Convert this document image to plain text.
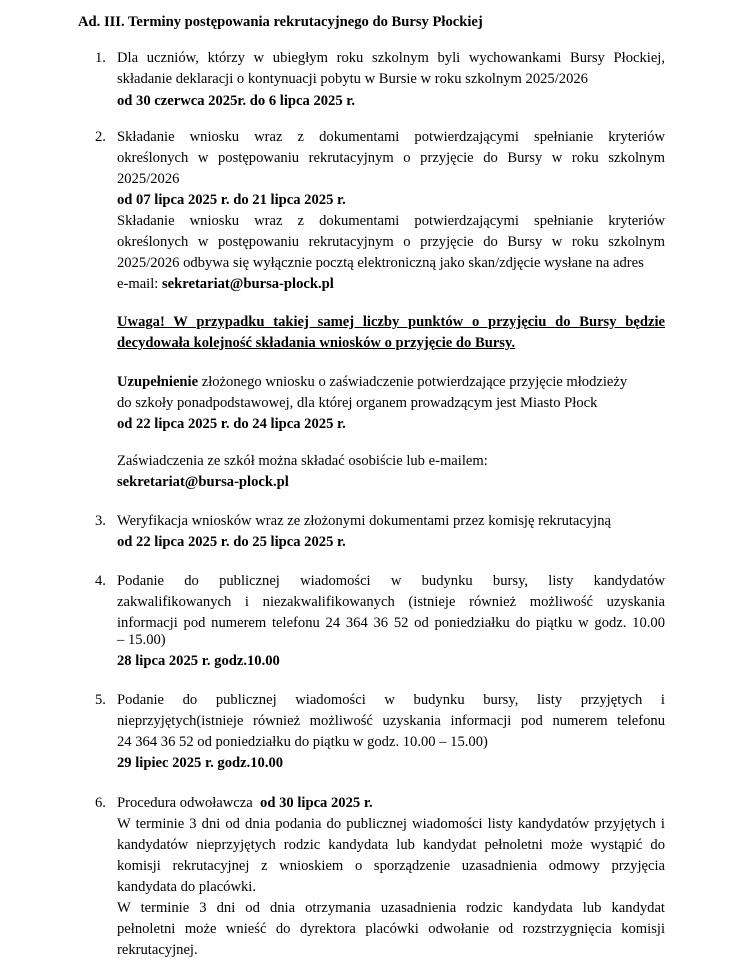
Ad. III. Terminy postępowania rekrutacyjnego do Bursy Płockiej
1. Dla uczniów, którzy w ubiegłym roku szkolnym byli wychowankami Bursy Płockiej,
składanie deklaracji o kontynuacji pobytu w Bursie w roku szkolnym 2025/2026
od 30 czerwca 2025r. do 6 lipca 2025 r.
2. Składanie wniosku wraz z dokumentami potwierdzającymi spełnianie kryteriów
określonych w postępowaniu rekrutacyjnym o przyjęcie do Bursy w roku szkolnym
2025/2026
od 07 lipca 2025 r. do 21 lipca 2025 r.
Składanie wniosku wraz z dokumentami potwierdzającymi spełnianie kryteriów
określonych w postępowaniu rekrutacyjnym o przyjęcie do Bursy w roku szkolnym
2025/2026 odbywa się wyłącznie pocztą elektroniczną jako skan/zdjęcie wysłane na adres
e-mail: sekretariat@bursa-plock.pl
Uwaga! W przypadku takiej samej liczby punktów o przyjęciu do Bursy będzie
decydowała kolejność składania wniosków o przyjęcie do Bursy.
Uzupełnienie złożonego wniosku o zaświadczenie potwierdzające przyjęcie młodzieży
do szkoły ponadpodstawowej, dla której organem prowadzącym jest Miasto Płock
od 22 lipca 2025 r. do 24 lipca 2025 r.
Zaświadczenia ze szkół można składać osobiście lub e-mailem:
sekretariat@bursa-plock.pl
3. Weryfikacja wniosków wraz ze złożonymi dokumentami przez komisję rekrutacyjną
od 22 lipca 2025 r. do 25 lipca 2025 r.
4. Podanie do publicznej wiadomości w budynku bursy, listy kandydatów
zakwalifikowanych i niezakwalifikowanych (istnieje również możliwość uzyskania
informacji pod numerem telefonu 24 364 36 52 od poniedziałku do piątku w godz. 10.00
– 15.00)
28 lipca 2025 r. godz.10.00
5. Podanie do publicznej wiadomości w budynku bursy, listy przyjętych i
nieprzyjętych(istnieje również możliwość uzyskania informacji pod numerem telefonu
24 364 36 52 od poniedziałku do piątku w godz. 10.00 – 15.00)
29 lipiec 2025 r. godz.10.00
6. Procedura odwoławcza od 30 lipca 2025 r.
W terminie 3 dni od dnia podania do publicznej wiadomości listy kandydatów przyjętych i
kandydatów nieprzyjętych rodzic kandydata lub kandydat pełnoletni może wystąpić do
komisji rekrutacyjnej z wnioskiem o sporządzenie uzasadnienia odmowy przyjęcia
kandydata do placówki.
W terminie 3 dni od dnia otrzymania uzasadnienia rodzic kandydata lub kandydat
pełnoletni może wnieść do dyrektora placówki odwołanie od rozstrzygnięcia komisji
rekrutacyjnej.
